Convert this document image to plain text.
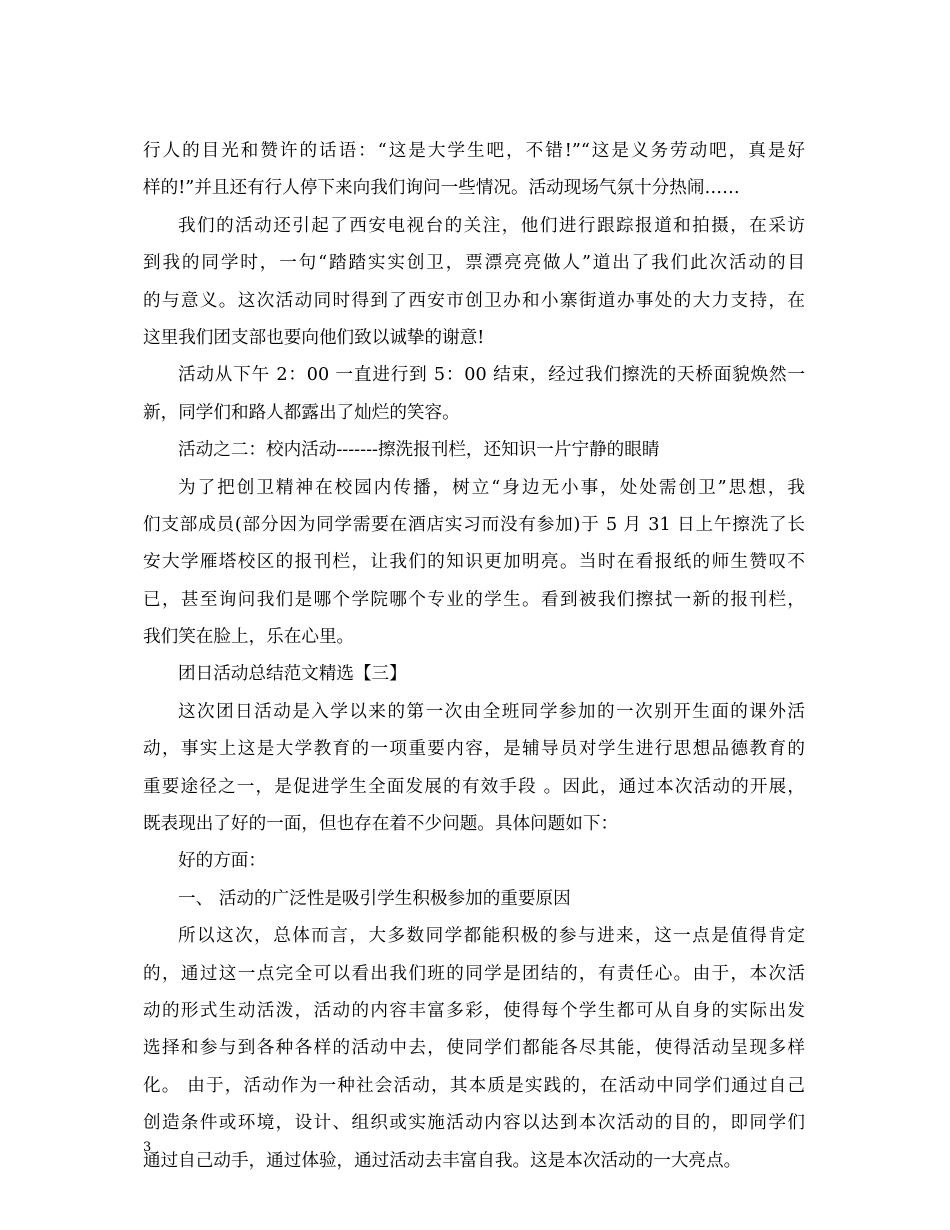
行人的目光和赞许的话语：“这是大学生吧，不错!”“这是义务劳动吧，真是好
样的!”并且还有行人停下来向我们询问一些情况。活动现场气氛十分热闹……
我们的活动还引起了西安电视台的关注，他们进行跟踪报道和拍摄，在采访
到我的同学时，一句“踏踏实实创卫，票漂亮亮做人”道出了我们此次活动的目
的与意义。这次活动同时得到了西安市创卫办和小寨街道办事处的大力支持，在
这里我们团支部也要向他们致以诚挚的谢意!
活动从下午 2：00 一直进行到 5：00 结束，经过我们擦洗的天桥面貌焕然一
新，同学们和路人都露出了灿烂的笑容。
活动之二：校内活动-------擦洗报刊栏，还知识一片宁静的眼睛
为了把创卫精神在校园内传播，树立“身边无小事，处处需创卫”思想，我
们支部成员(部分因为同学需要在酒店实习而没有参加)于 5 月 31 日上午擦洗了长
安大学雁塔校区的报刊栏，让我们的知识更加明亮。当时在看报纸的师生赞叹不
已，甚至询问我们是哪个学院哪个专业的学生。看到被我们擦拭一新的报刊栏，
我们笑在脸上，乐在心里。
团日活动总结范文精选【三】
这次团日活动是入学以来的第一次由全班同学参加的一次别开生面的课外活
动，事实上这是大学教育的一项重要内容，是辅导员对学生进行思想品德教育的
重要途径之一，是促进学生全面发展的有效手段 。因此，通过本次活动的开展，
既表现出了好的一面，但也存在着不少问题。具体问题如下：
好的方面：
一、 活动的广泛性是吸引学生积极参加的重要原因
所以这次，总体而言，大多数同学都能积极的参与进来，这一点是值得肯定
的，通过这一点完全可以看出我们班的同学是团结的，有责任心。由于，本次活
动的形式生动活泼，活动的内容丰富多彩，使得每个学生都可从自身的实际出发
选择和参与到各种各样的活动中去，使同学们都能各尽其能，使得活动呈现多样
化。 由于，活动作为一种社会活动，其本质是实践的，在活动中同学们通过自己
创造条件或环境，设计、组织或实施活动内容以达到本次活动的目的，即同学们
通过自己动手，通过体验，通过活动去丰富自我。这是本次活动的一大亮点。
3
